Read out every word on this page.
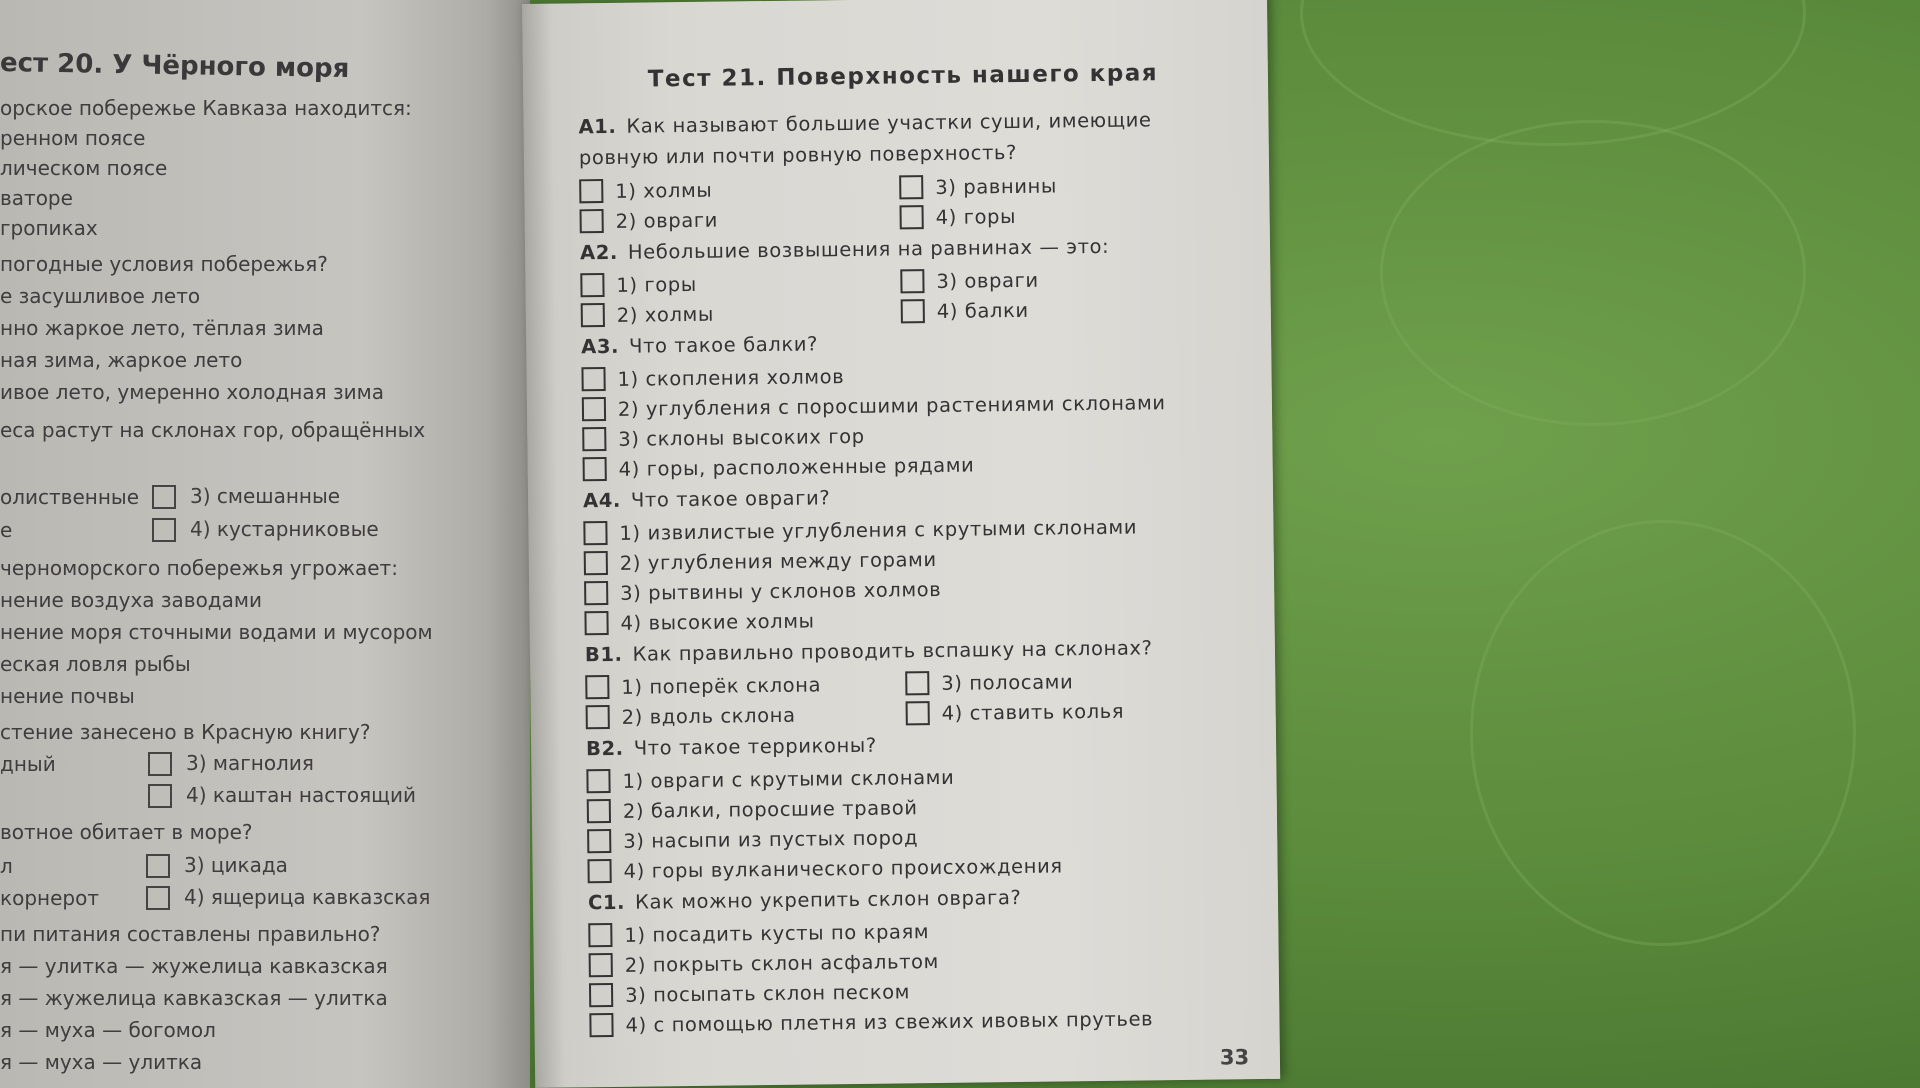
ест 20. У Чёрного моря
орское побережье Кавказа находится:
ренном поясе
лическом поясе
ваторе
гропиках
погодные условия побережья?
е засушливое лето
нно жаркое лето, тёплая зима
ная зима, жаркое лето
ивое лето, умеренно холодная зима
еса растут на склонах гор, обращённых
олиственные	3) смешанные
е	4) кустарниковые
черноморского побережья угрожает:
нение воздуха заводами
нение моря сточными водами и мусором
еская ловля рыбы
нение почвы
стение занесено в Красную книгу?
дный	3) магнолия
4) каштан настоящий
вотное обитает в море?
л	3) цикада
корнерот	4) ящерица кавказская
пи питания составлены правильно?
я — улитка — жужелица кавказская
я — жужелица кавказская — улитка
я — муха — богомол
я — муха — улитка
Тест 21. Поверхность нашего края
А1. Как называют большие участки суши, имеющие
ровную или почти ровную поверхность?
1) холмы	3) равнины
2) овраги	4) горы
А2. Небольшие возвышения на равнинах — это:
1) горы	3) овраги
2) холмы	4) балки
А3. Что такое балки?
1) скопления холмов
2) углубления с поросшими растениями склонами
3) склоны высоких гор
4) горы, расположенные рядами
А4. Что такое овраги?
1) извилистые углубления с крутыми склонами
2) углубления между горами
3) рытвины у склонов холмов
4) высокие холмы
В1. Как правильно проводить вспашку на склонах?
1) поперёк склона	3) полосами
2) вдоль склона	4) ставить колья
В2. Что такое терриконы?
1) овраги с крутыми склонами
2) балки, поросшие травой
3) насыпи из пустых пород
4) горы вулканического происхождения
С1. Как можно укрепить склон оврага?
1) посадить кусты по краям
2) покрыть склон асфальтом
3) посыпать склон песком
4) с помощью плетня из свежих ивовых прутьев
33
